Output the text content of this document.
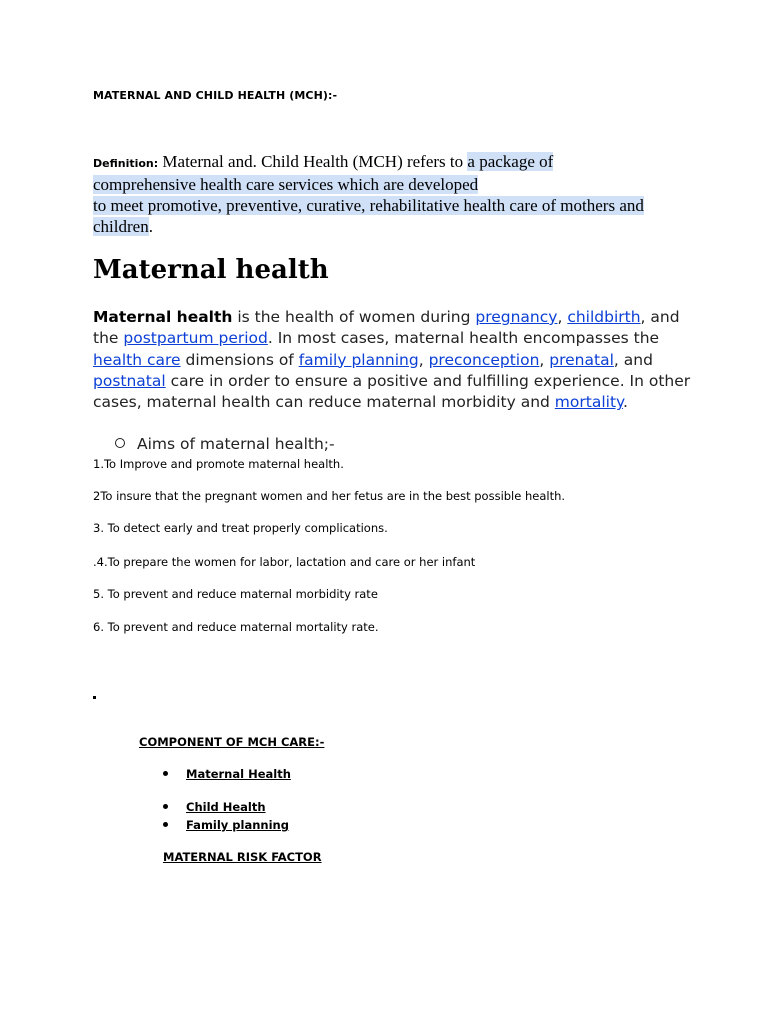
MATERNAL AND CHILD HEALTH (MCH):-
Definition: Maternal and. Child Health (MCH) refers to a package of comprehensive health care services which are developed
to meet promotive, preventive, curative, rehabilitative health care of mothers and children.
Maternal health
Maternal health is the health of women during pregnancy, childbirth, and the postpartum period. In most cases, maternal health encompasses the health care dimensions of family planning, preconception, prenatal, and postnatal care in order to ensure a positive and fulfilling experience. In other cases, maternal health can reduce maternal morbidity and mortality.
Aims of maternal health;-
1.To Improve and promote maternal health.
2To insure that the pregnant women and her fetus are in the best possible health.
3. To detect early and treat properly complications.
.4.To prepare the women for labor, lactation and care or her infant
5. To prevent and reduce maternal morbidity rate
6. To prevent and reduce maternal mortality rate.
COMPONENT OF MCH CARE:-
Maternal Health
Child Health
Family planning
MATERNAL RISK FACTOR
